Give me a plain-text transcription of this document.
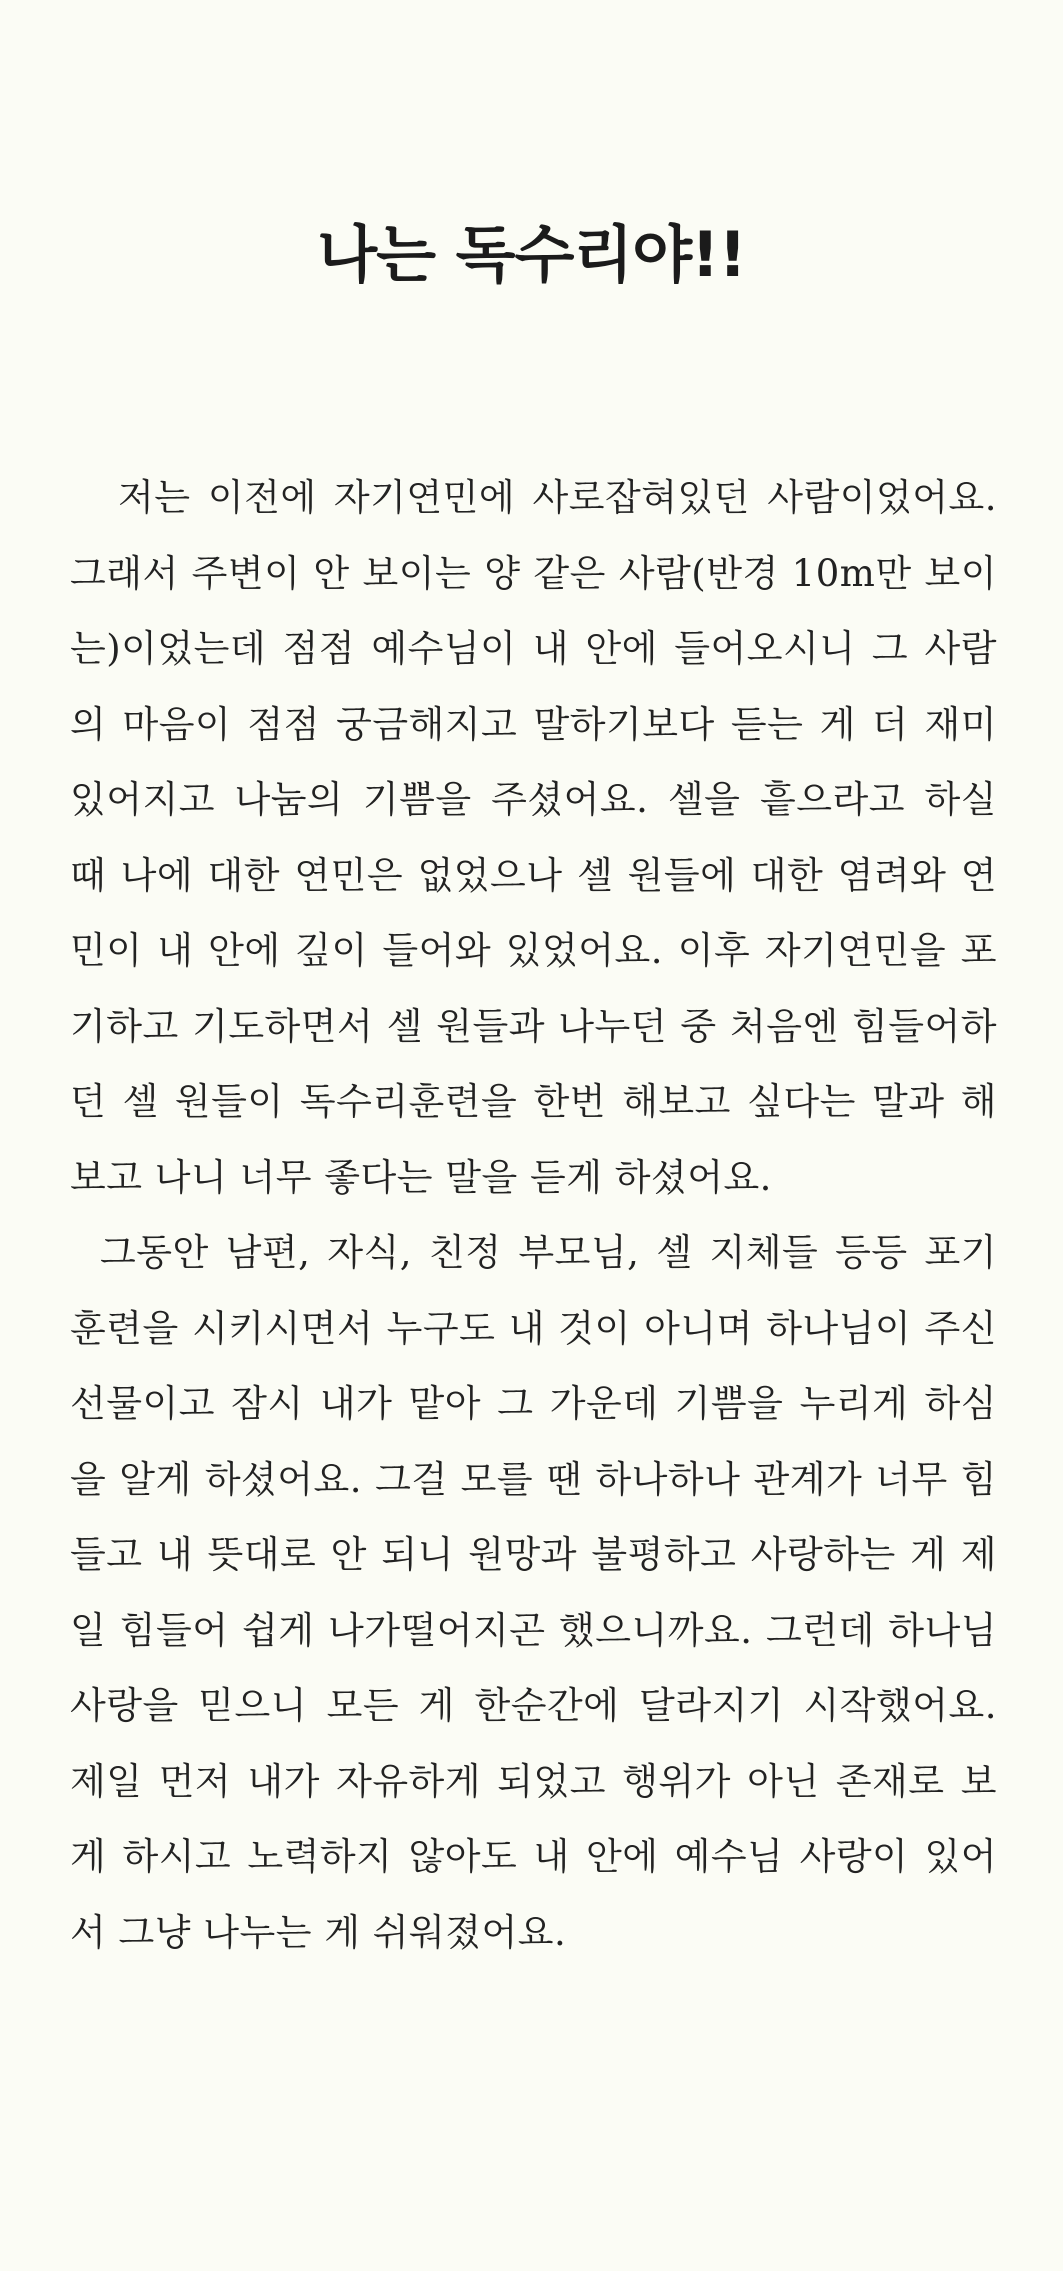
나는 독수리야!!

저는 이전에 자기연민에 사로잡혀있던 사람이었어요. 그래서 주변이 안 보이는 양 같은 사람(반경 10m만 보이는)이었는데 점점 예수님이 내 안에 들어오시니 그 사람의 마음이 점점 궁금해지고 말하기보다 듣는 게 더 재미있어지고 나눔의 기쁨을 주셨어요. 셀을 흩으라고 하실 때 나에 대한 연민은 없었으나 셀 원들에 대한 염려와 연민이 내 안에 깊이 들어와 있었어요. 이후 자기연민을 포기하고 기도하면서 셀 원들과 나누던 중 처음엔 힘들어하던 셀 원들이 독수리훈련을 한번 해보고 싶다는 말과 해보고 나니 너무 좋다는 말을 듣게 하셨어요.

그동안 남편, 자식, 친정 부모님, 셀 지체들 등등 포기 훈련을 시키시면서 누구도 내 것이 아니며 하나님이 주신 선물이고 잠시 내가 맡아 그 가운데 기쁨을 누리게 하심을 알게 하셨어요. 그걸 모를 땐 하나하나 관계가 너무 힘들고 내 뜻대로 안 되니 원망과 불평하고 사랑하는 게 제일 힘들어 쉽게 나가떨어지곤 했으니까요. 그런데 하나님 사랑을 믿으니 모든 게 한순간에 달라지기 시작했어요. 제일 먼저 내가 자유하게 되었고 행위가 아닌 존재로 보게 하시고 노력하지 않아도 내 안에 예수님 사랑이 있어서 그냥 나누는 게 쉬워졌어요.
